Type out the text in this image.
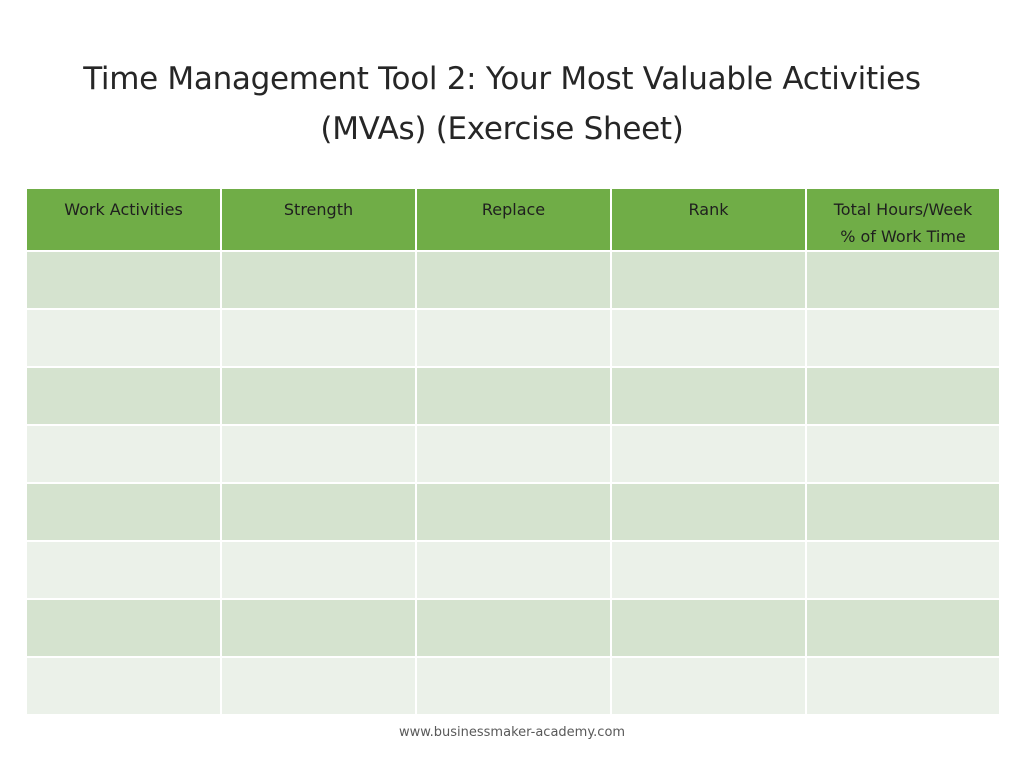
Time Management Tool 2: Your Most Valuable Activities
(MVAs) (Exercise Sheet)
Work Activities	Strength	Replace	Rank	Total Hours/Week
% of Work Time

www.businessmaker-academy.com
